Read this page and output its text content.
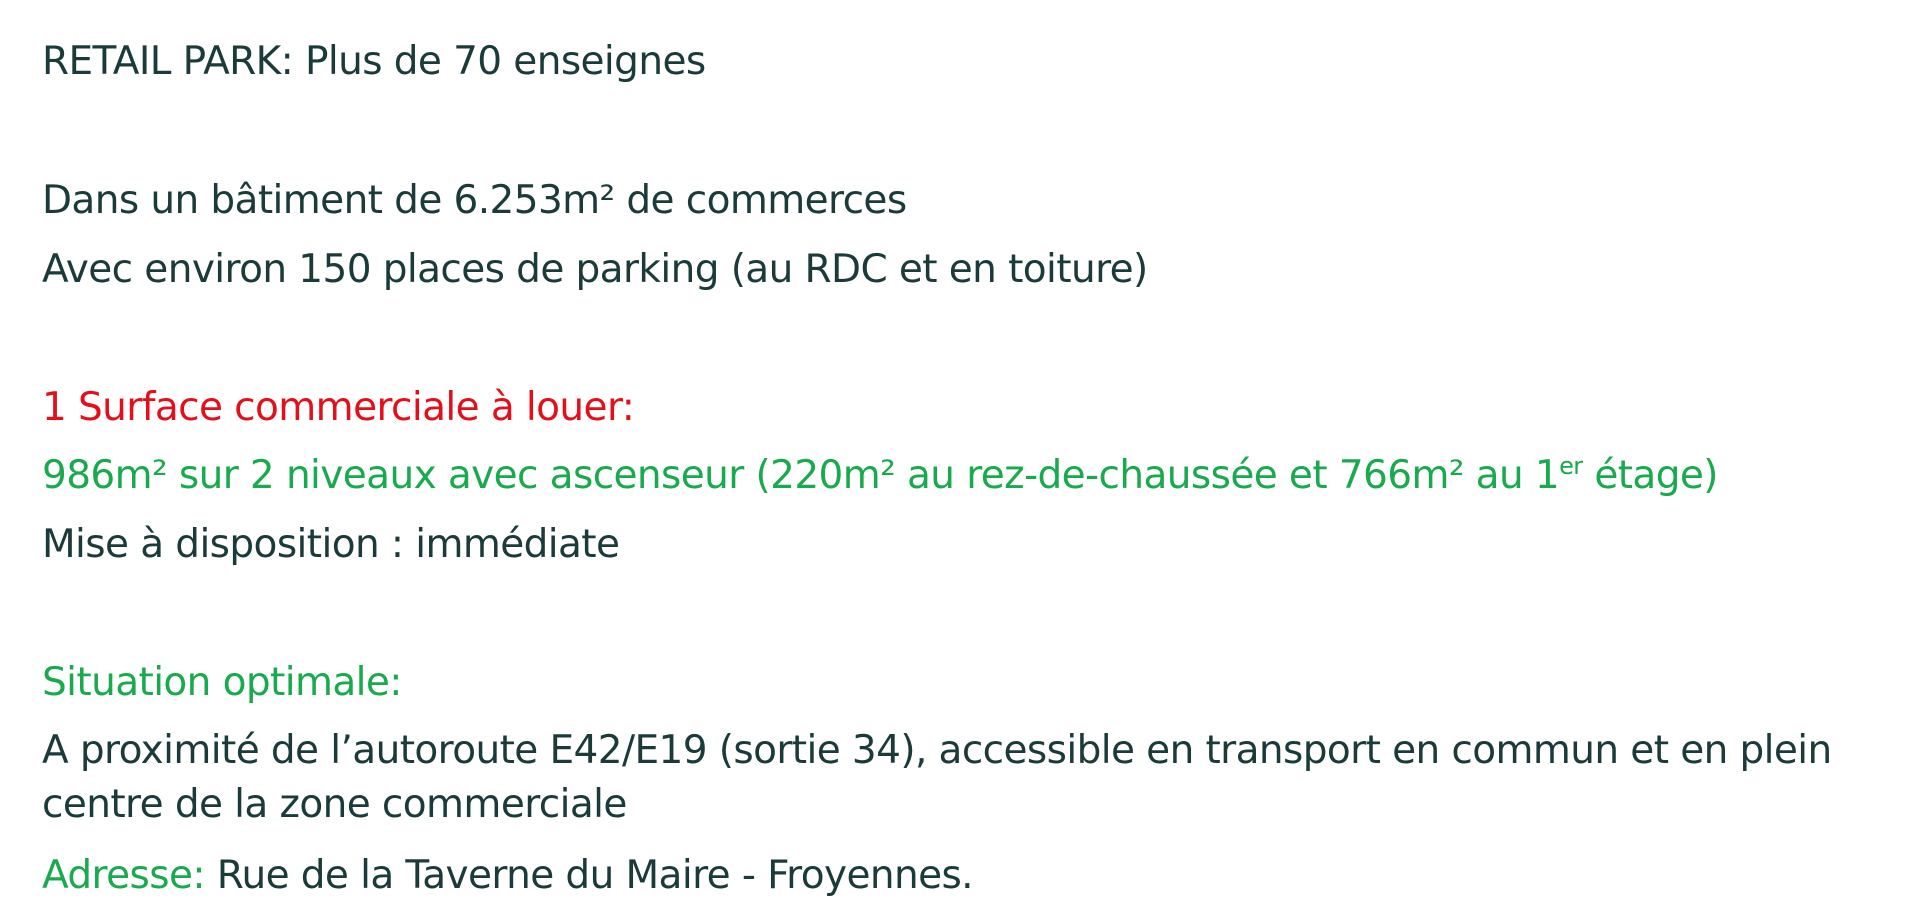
RETAIL PARK: Plus de 70 enseignes

Dans un bâtiment de 6.253m² de commerces

Avec environ 150 places de parking (au RDC et en toiture)

1 Surface commerciale à louer:

986m² sur 2 niveaux avec ascenseur (220m² au rez-de-chaussée et 766m² au 1er étage)

Mise à disposition : immédiate

Situation optimale:

A proximité de l’autoroute E42/E19 (sortie 34), accessible en transport en commun et en plein centre de la zone commerciale

Adresse: Rue de la Taverne du Maire - Froyennes.
